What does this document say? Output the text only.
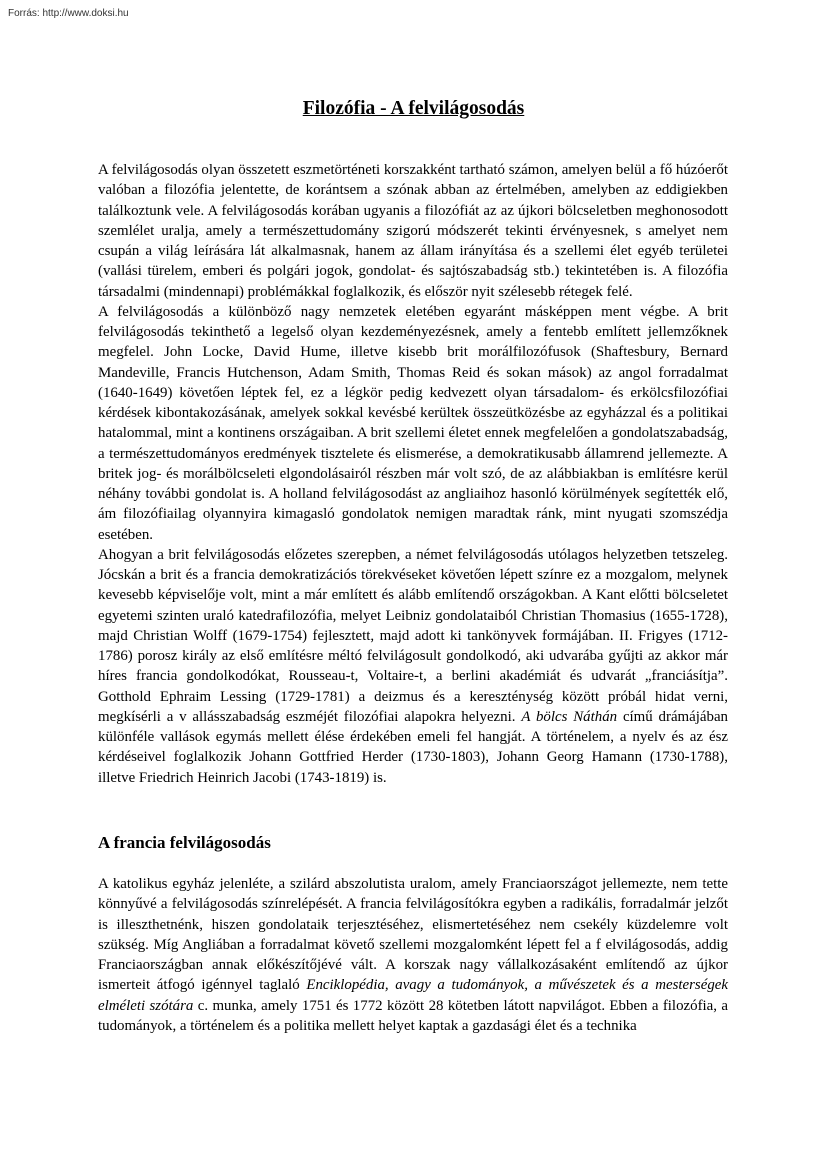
Forrás: http://www.doksi.hu
Filozófia - A felvilágosodás

A felvilágosodás olyan összetett eszmetörténeti korszakként tartható számon, amelyen belül a fő húzóerőt valóban a filozófia jelentette, de korántsem a szónak abban az értelmében, amelyben az eddigiekben találkoztunk vele. A felvilágosodás korában ugyanis a filozófiát az az újkori bölcseletben meghonosodott szemlélet uralja, amely a természettudomány szigorú módszerét tekinti érvényesnek, s amelyet nem csupán a világ leírására lát alkalmasnak, hanem az állam irányítása és a szellemi élet egyéb területei (vallási türelem, emberi és polgári jogok, gondolat- és sajtószabadság stb.) tekintetében is. A filozófia társadalmi (mindennapi) problémákkal foglalkozik, és először nyit szélesebb rétegek felé.

A felvilágosodás a különböző nagy nemzetek eletében egyaránt másképpen ment végbe. A brit felvilágosodás tekinthető a legelső olyan kezdeményezésnek, amely a fentebb említett jellemzőknek megfelel. John Locke, David Hume, illetve kisebb brit morálfilozófusok (Shaftesbury, Bernard Mandeville, Francis Hutchenson, Adam Smith, Thomas Reid és sokan mások) az angol forradalmat (1640-1649) követően léptek fel, ez a légkör pedig kedvezett olyan társadalom- és erkölcsfilozófiai kérdések kibontakozásának, amelyek sokkal kevésbé kerültek összeütközésbe az egyházzal és a politikai hatalommal, mint a kontinens országaiban. A brit szellemi életet ennek megfelelően a gondolatszabadság, a természettudományos eredmények tisztelete és elismerése, a demokratikusabb államrend jellemezte. A britek jog- és morálbölcseleti elgondolásairól részben már volt szó, de az alábbiakban is említésre kerül néhány további gondolat is. A holland felvilágosodást az angliaihoz hasonló körülmények segítették elő, ám filozófiailag olyannyira kimagasló gondolatok nemigen maradtak ránk, mint nyugati szomszédja esetében.

Ahogyan a brit felvilágosodás előzetes szerepben, a német felvilágosodás utólagos helyzetben tetszeleg. Jócskán a brit és a francia demokratizációs törekvéseket követően lépett színre ez a mozgalom, melynek kevesebb képviselője volt, mint a már említett és alább említendő országokban. A Kant előtti bölcseletet egyetemi szinten uraló katedrafilozófia, melyet Leibniz gondolataiból Christian Thomasius (1655-1728), majd Christian Wolff (1679-1754) fejlesztett, majd adott ki tankönyvek formájában. II. Frigyes (1712-1786) porosz király az első említésre méltó felvilágosult gondolkodó, aki udvarába gyűjti az akkor már híres francia gondolkodókat, Rousseau-t, Voltaire-t, a berlini akadémiát és udvarát „franciásítja”. Gotthold Ephraim Lessing (1729-1781) a deizmus és a kereszténység között próbál hidat verni, megkísérli a v allásszabadság eszméjét filozófiai alapokra helyezni. A bölcs Náthán című drámájában különféle vallások egymás mellett élése érdekében emeli fel hangját. A történelem, a nyelv és az ész kérdéseivel foglalkozik Johann Gottfried Herder (1730-1803), Johann Georg Hamann (1730-1788), illetve Friedrich Heinrich Jacobi (1743-1819) is.

A francia felvilágosodás

A katolikus egyház jelenléte, a szilárd abszolutista uralom, amely Franciaországot jellemezte, nem tette könnyűvé a felvilágosodás színrelépését. A francia felvilágosítókra egyben a radikális, forradalmár jelzőt is illeszthetnénk, hiszen gondolataik terjesztéséhez, elismertetéséhez nem csekély küzdelemre volt szükség. Míg Angliában a forradalmat követő szellemi mozgalomként lépett fel a f elvilágosodás, addig Franciaországban annak előkészítőjévé vált. A korszak nagy vállalkozásaként említendő az újkor ismerteit átfogó igénnyel taglaló Enciklopédia, avagy a tudományok, a művészetek és a mesterségek elméleti szótára c. munka, amely 1751 és 1772 között 28 kötetben látott napvilágot. Ebben a filozófia, a tudományok, a történelem és a politika mellett helyet kaptak a gazdasági élet és a technika
